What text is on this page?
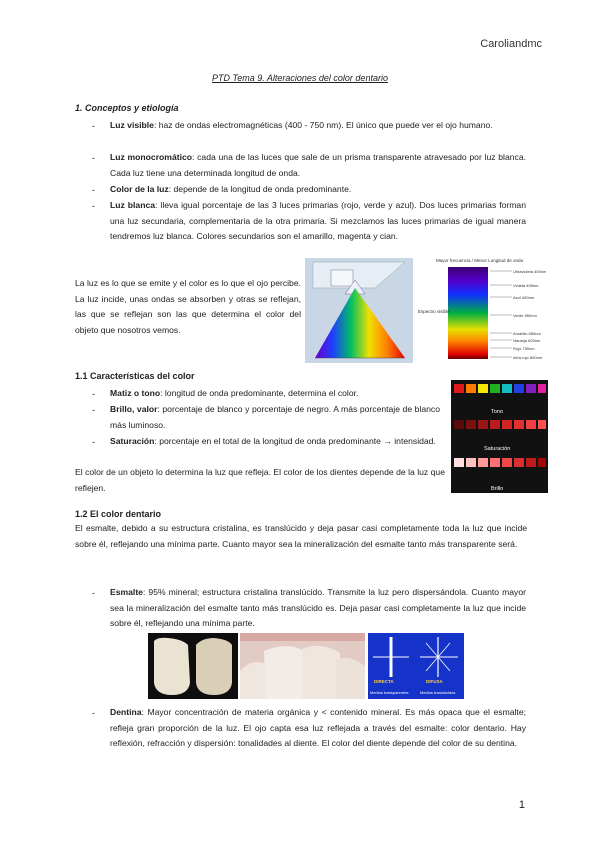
Caroliandmc
PTD Tema 9. Alteraciones del color dentario
1. Conceptos y etiología
- Luz visible: haz de ondas electromagnéticas (400 - 750 nm). El único que puede ver el ojo humano.
- Luz monocromático: cada una de las luces que sale de un prisma transparente atravesado por luz blanca. Cada luz tiene una determinada longitud de onda.
- Color de la luz: depende de la longitud de onda predominante.
- Luz blanca: lleva igual porcentaje de las 3 luces primarias (rojo, verde y azul). Dos luces primarias forman una luz secundaria, complementaria de la otra primaria. Si mezclamos las luces primarias de igual manera tendremos luz blanca. Colores secundarios son el amarillo, magenta y cian.
La luz es lo que se emite y el color es lo que el ojo percibe. La luz incide, unas ondas se absorben y otras se reflejan, las que se reflejan son las que determina el color del objeto que nosotros vemos.
Mayor frecuencia / Menor Longitud de onda
Espectro visible
Ultravioleta 400nm
Violeta 455nm
Azul 490nm
Verde 550nm
Amarillo 580nm
Naranja 620nm
Rojo 750nm
Infra rojo 800nm
1.1 Características del color
- Matiz o tono: longitud de onda predominante, determina el color.
- Brillo, valor: porcentaje de blanco y porcentaje de negro. A más porcentaje de blanco más luminoso.
- Saturación: porcentaje en el total de la longitud de onda predominante → intensidad.
El color de un objeto lo determina la luz que refleja. El color de los dientes depende de la luz que reflejen.
Tono
Saturación
Brillo
1.2 El color dentario
El esmalte, debido a su estructura cristalina, es translúcido y deja pasar casi completamente toda la luz que incide sobre él, reflejando una mínima parte. Cuanto mayor sea la mineralización del esmalte tanto más transparente será.
- Esmalte: 95% mineral; estructura cristalina translúcido. Transmite la luz pero dispersándola. Cuanto mayor sea la mineralización del esmalte tanto más translúcido es. Deja pasar casi completamente la luz que incide sobre él, reflejando una mínima parte.
DIRECTA	DIFUSA
Medios transparentes	Medios translúcidos
- Dentina: Mayor concentración de materia orgánica y < contenido mineral. Es más opaca que el esmalte; refleja gran proporción de la luz. El ojo capta esa luz reflejada a través del esmalte: color dentario. Hay reflexión, refracción y dispersión: tonalidades al diente. El color del diente depende del color de su dentina.
1
